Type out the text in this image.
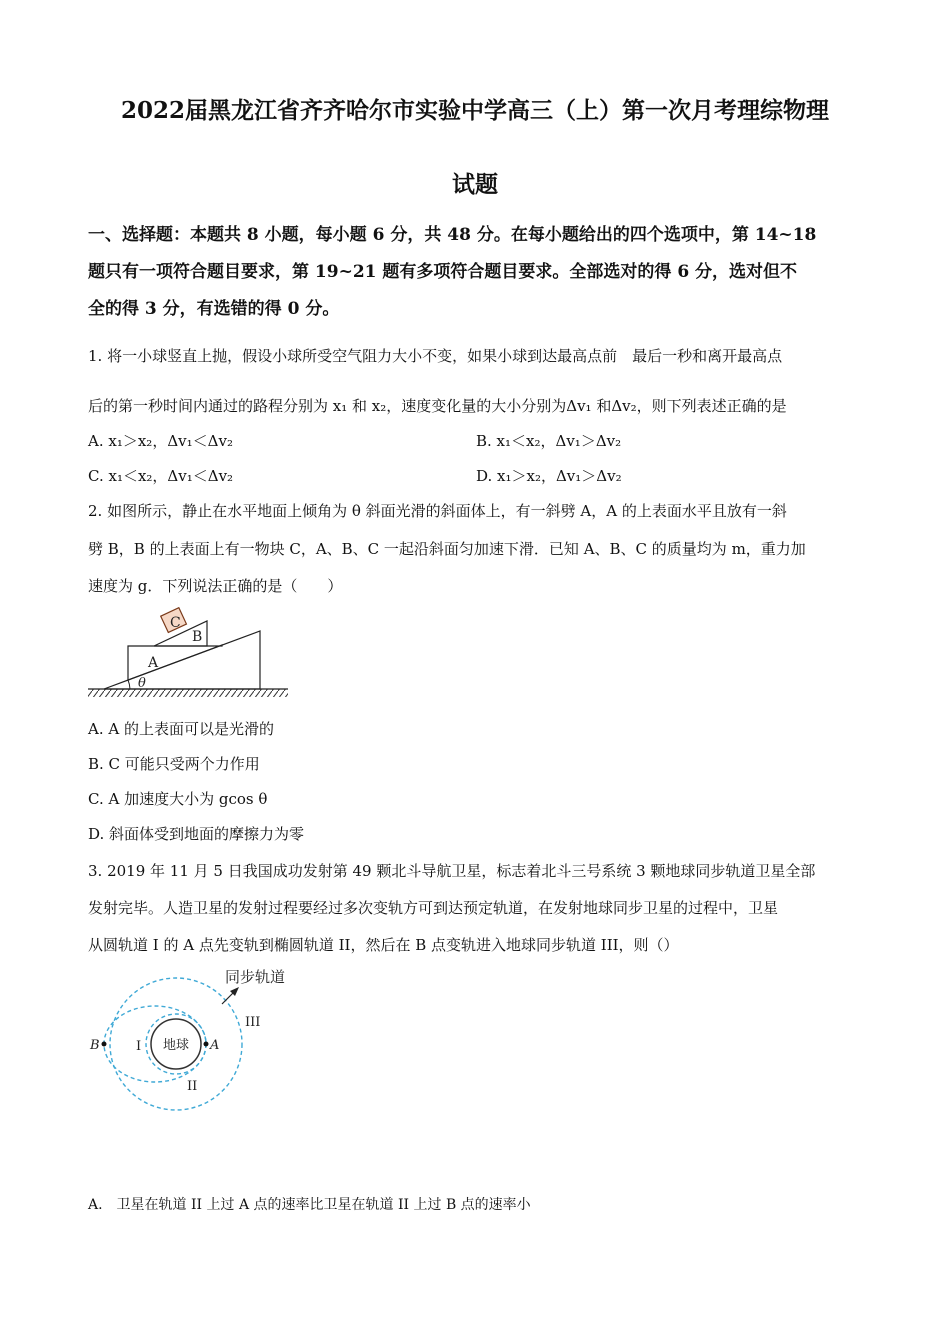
2022届黑龙江省齐齐哈尔市实验中学高三（上）第一次月考理综物理
试题
一、选择题：本题共 8 小题，每小题 6 分，共 48 分。在每小题给出的四个选项中，第 14~18
题只有一项符合题目要求，第 19~21 题有多项符合题目要求。全部选对的得 6 分，选对但不
全的得 3 分，有选错的得 0 分。
1. 将一小球竖直上抛，假设小球所受空气阻力大小不变，如果小球到达最高点前　最后一秒和离开最高点
后的第一秒时间内通过的路程分别为 x₁ 和 x₂，速度变化量的大小分别为Δv₁ 和Δv₂，则下列表述正确的是
A. x₁＞x₂，Δv₁＜Δv₂	B. x₁＜x₂，Δv₁＞Δv₂
C. x₁＜x₂，Δv₁＜Δv₂	D. x₁＞x₂，Δv₁＞Δv₂
2. 如图所示，静止在水平地面上倾角为 θ 斜面光滑的斜面体上，有一斜劈 A，A 的上表面水平且放有一斜
劈 B，B 的上表面上有一物块 C，A、B、C 一起沿斜面匀加速下滑．已知 A、B、C 的质量均为 m，重力加
速度为 g．下列说法正确的是（　　）
A
B
C
θ
A. A 的上表面可以是光滑的
B. C 可能只受两个力作用
C. A 加速度大小为 gcos θ
D. 斜面体受到地面的摩擦力为零
3. 2019 年 11 月 5 日我国成功发射第 49 颗北斗导航卫星，标志着北斗三号系统 3 颗地球同步轨道卫星全部
发射完毕。人造卫星的发射过程要经过多次变轨方可到达预定轨道，在发射地球同步卫星的过程中，卫星
从圆轨道 I 的 A 点先变轨到椭圆轨道 II，然后在 B 点变轨进入地球同步轨道 III，则（）
地球 A
B	I
II
III
同步轨道
A.　卫星在轨道 II 上过 A 点的速率比卫星在轨道 II 上过 B 点的速率小
